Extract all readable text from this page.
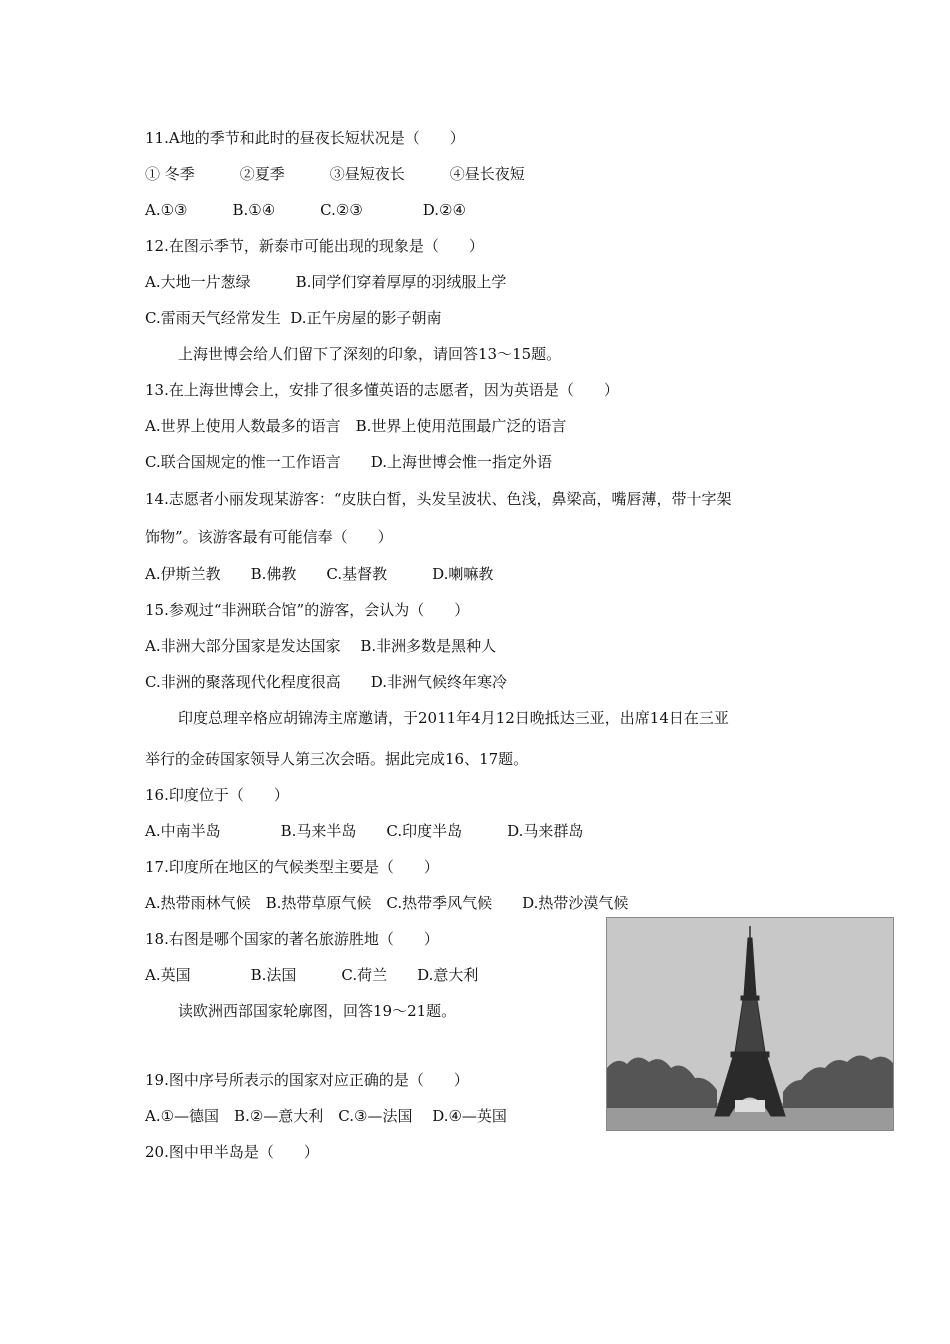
11.A地的季节和此时的昼夜长短状况是（　　）
① 冬季　　　②夏季　　　③昼短夜长　　　④昼长夜短
A.①③　　　B.①④　　　C.②③　　　　D.②④
12.在图示季节，新泰市可能出现的现象是（　　）
A.大地一片葱绿　　　B.同学们穿着厚厚的羽绒服上学
C.雷雨天气经常发生  D.正午房屋的影子朝南
上海世博会给人们留下了深刻的印象，请回答13～15题。
13.在上海世博会上，安排了很多懂英语的志愿者，因为英语是（　　）
A.世界上使用人数最多的语言　B.世界上使用范围最广泛的语言
C.联合国规定的惟一工作语言　　D.上海世博会惟一指定外语
14.志愿者小丽发现某游客：“皮肤白皙，头发呈波状、色浅，鼻梁高，嘴唇薄，带十字架
饰物”。该游客最有可能信奉（　　）
A.伊斯兰教　　B.佛教　　C.基督教　　　D.喇嘛教
15.参观过“非洲联合馆”的游客，会认为（　　）
A.非洲大部分国家是发达国家　 B.非洲多数是黑种人
C.非洲的聚落现代化程度很高　　D.非洲气候终年寒冷
印度总理辛格应胡锦涛主席邀请，于2011年4月12日晚抵达三亚，出席14日在三亚
举行的金砖国家领导人第三次会晤。据此完成16、17题。
16.印度位于（　　）
A.中南半岛　　　　B.马来半岛　　C.印度半岛　　　D.马来群岛
17.印度所在地区的气候类型主要是（　　）
A.热带雨林气候　B.热带草原气候　C.热带季风气候　　D.热带沙漠气候
18.右图是哪个国家的著名旅游胜地（　　）
A.英国　　　　B.法国　　　C.荷兰　　D.意大利
读欧洲西部国家轮廓图，回答19～21题。
19.图中序号所表示的国家对应正确的是（　　）
A.①—德国　B.②—意大利　C.③—法国　 D.④—英国
20.图中甲半岛是（　　）
